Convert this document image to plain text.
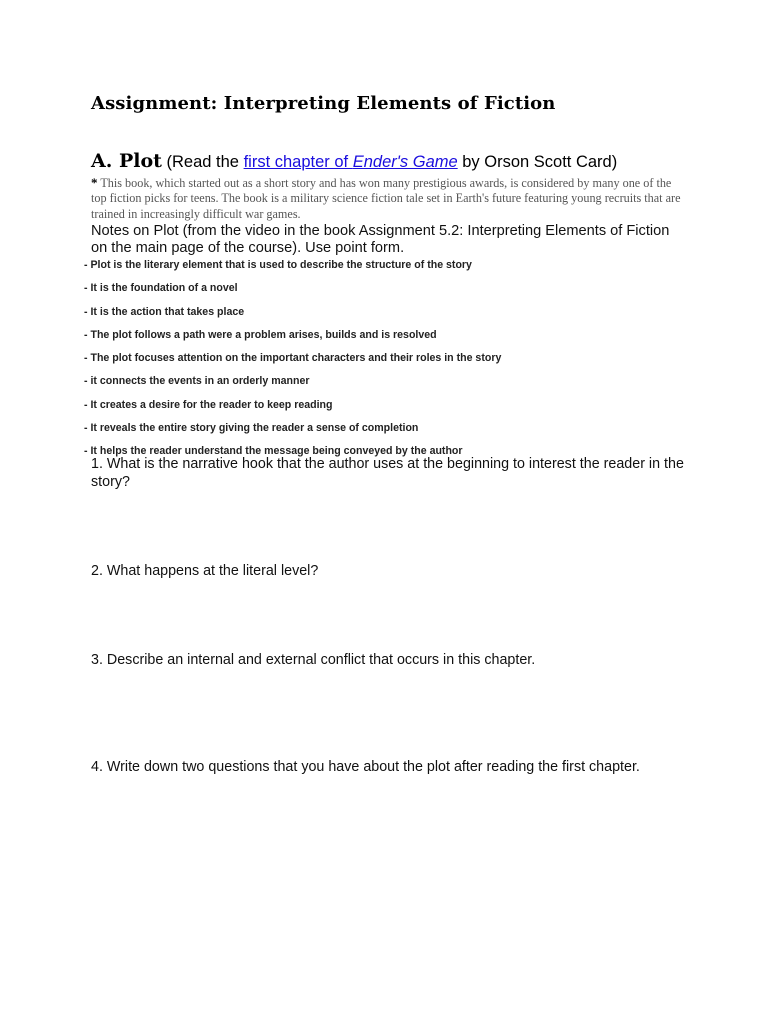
Assignment: Interpreting Elements of Fiction
A. Plot (Read the first chapter of Ender's Game by Orson Scott Card)
* This book, which started out as a short story and has won many prestigious awards, is considered by many one of the top fiction picks for teens. The book is a military science fiction tale set in Earth's future featuring young recruits that are trained in increasingly difficult war games.
Notes on Plot (from the video in the book Assignment 5.2: Interpreting Elements of Fiction on the main page of the course). Use point form.
- Plot is the literary element that is used to describe the structure of the story
- It is the foundation of a novel
- It is the action that takes place
- The plot follows a path were a problem arises, builds and is resolved
- The plot focuses attention on the important characters and their roles in the story
- it connects the events in an orderly manner
- It creates a desire for the reader to keep reading
- It reveals the entire story giving the reader a sense of completion
- It helps the reader understand the message being conveyed by the author
1. What is the narrative hook that the author uses at the beginning to interest the reader in the story?
2. What happens at the literal level?
3. Describe an internal and external conflict that occurs in this chapter.
4. Write down two questions that you have about the plot after reading the first chapter.
